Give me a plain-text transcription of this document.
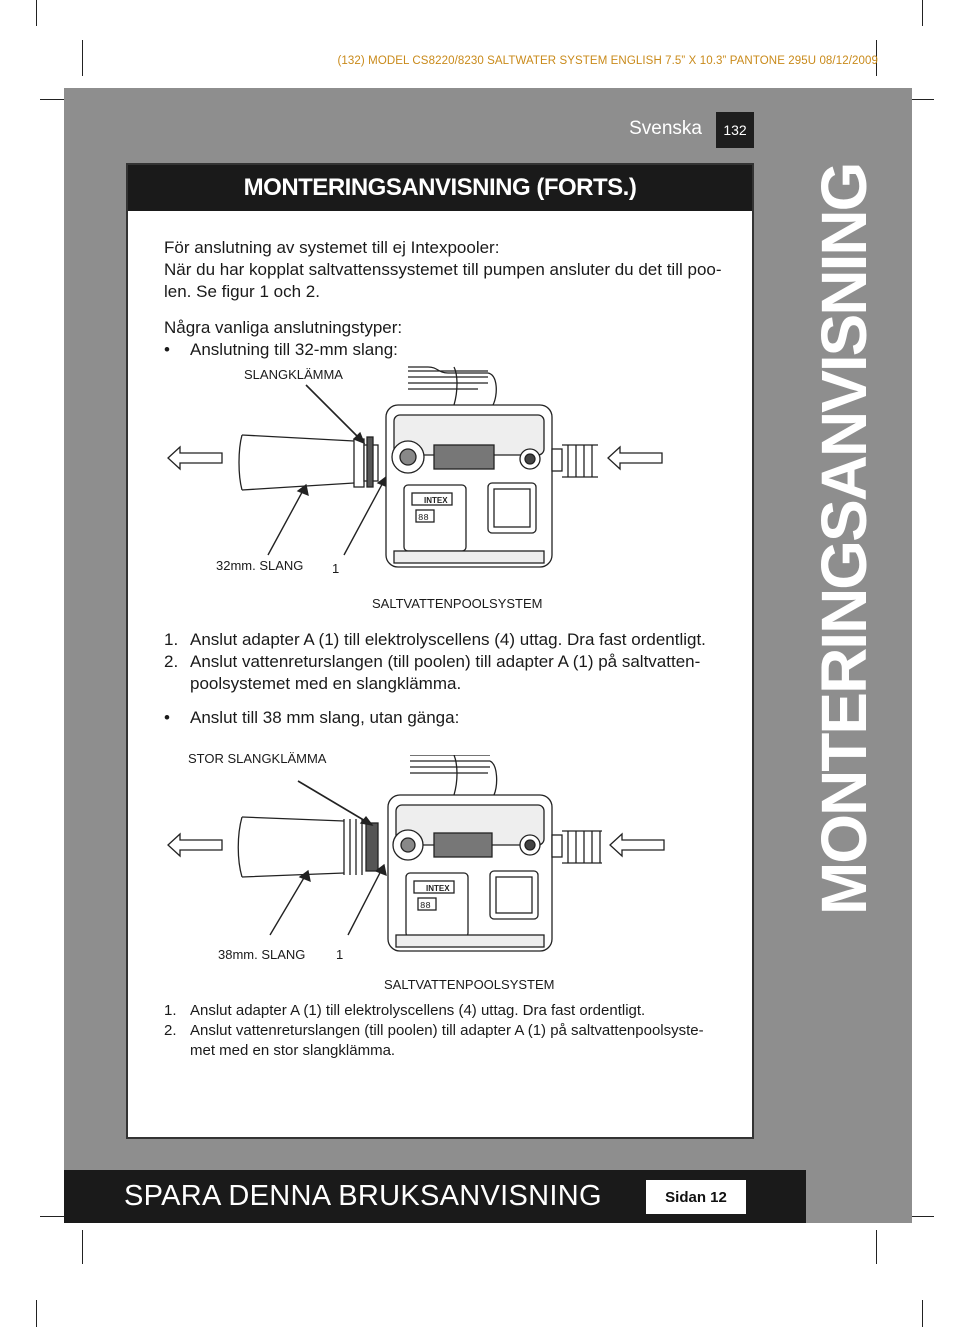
(132) MODEL CS8220/8230 SALTWATER SYSTEM ENGLISH 7.5” X 10.3” PANTONE 295U 08/12/2009
Svenska	132
MONTERINGSANVISNING
MONTERINGSANVISNING (FORTS.)
För anslutning av systemet till ej Intexpooler:
När du har kopplat saltvattenssystemet till pumpen ansluter du det till poo-len. Se figur 1 och 2.
Några vanliga anslutningstyper:
• Anslutning till 32-mm slang:
SLANGKLÄMMA
32mm. SLANG 1
SALTVATTENPOOLSYSTEM
INTEX
88
1. Anslut adapter A (1) till elektrolyscellens (4) uttag. Dra fast ordentligt.
2. Anslut vattenreturslangen (till poolen) till adapter A (1) på saltvatten-poolsystemet med en slangklämma.
• Anslut till 38 mm slang, utan gänga:
STOR SLANGKLÄMMA
38mm. SLANG 1
SALTVATTENPOOLSYSTEM
INTEX
88
1. Anslut adapter A (1) till elektrolyscellens (4) uttag. Dra fast ordentligt.
2. Anslut vattenreturslangen (till poolen) till adapter A (1) på saltvattenpoolsyste-met med en stor slangklämma.
SPARA DENNA BRUKSANVISNING	Sidan 12
